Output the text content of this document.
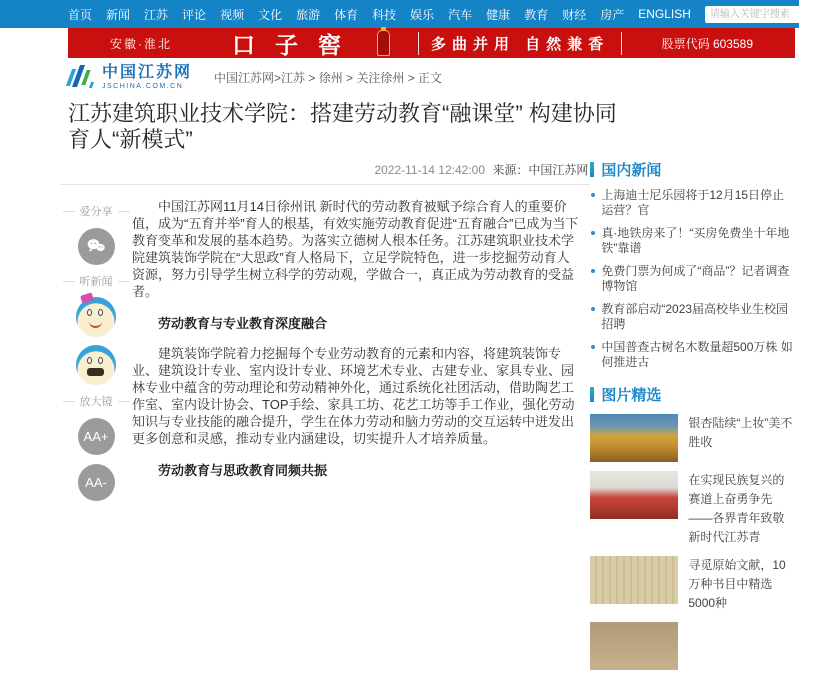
首页 新闻 江苏 评论 视频 文化 旅游 体育 科技 娱乐 汽车 健康 教育 财经 房产 ENGLISH
请输入关键字搜索
安徽·淮北	口子窖	多曲并用 自然兼香	股票代码 603589
中国江苏网
JSCHINA.COM.CN
中国江苏网>江苏 > 徐州 > 关注徐州 > 正文
江苏建筑职业技术学院：搭建劳动教育“融课堂” 构建协同育人“新模式”
2022-11-14 12:42:00 来源：中国江苏网
爱分享
听新闻
放大镜
AA+
AA-

中国江苏网11月14日徐州讯 新时代的劳动教育被赋予综合育人的重要价值，成为“五育并举”育人的根基，有效实施劳动教育促进“五育融合”已成为当下教育变革和发展的基本趋势。为落实立德树人根本任务。江苏建筑职业技术学院建筑装饰学院在“大思政”育人格局下，立足学院特色，进一步挖掘劳动育人资源，努力引导学生树立科学的劳动观，学做合一，真正成为劳动教育的受益者。

劳动教育与专业教育深度融合

建筑装饰学院着力挖掘每个专业劳动教育的元素和内容，将建筑装饰专业、建筑设计专业、室内设计专业、环境艺术专业、古建专业、家具专业、园林专业中蕴含的劳动理论和劳动精神外化，通过系统化社团活动，借助陶艺工作室、室内设计协会、TOP手绘、家具工坊、花艺工坊等手工作业，强化劳动知识与专业技能的融合提升，学生在体力劳动和脑力劳动的交互运转中迸发出更多创意和灵感，推动专业内涵建设，切实提升人才培养质量。

劳动教育与思政教育同频共振
国内新闻
上海迪士尼乐园将于12月15日停止运营？官
真·地铁房来了！“买房免费坐十年地铁”靠谱
免费门票为何成了“商品”？记者调查博物馆
教育部启动“2023届高校毕业生校园招聘
中国普查古树名木数量超500万株 如何推进古
图片精选
银杏陆续“上妆”美不胜收
在实现民族复兴的赛道上奋勇争先——各界青年致敬新时代江苏青
寻觅原始文献，10万种书目中精选5000种
